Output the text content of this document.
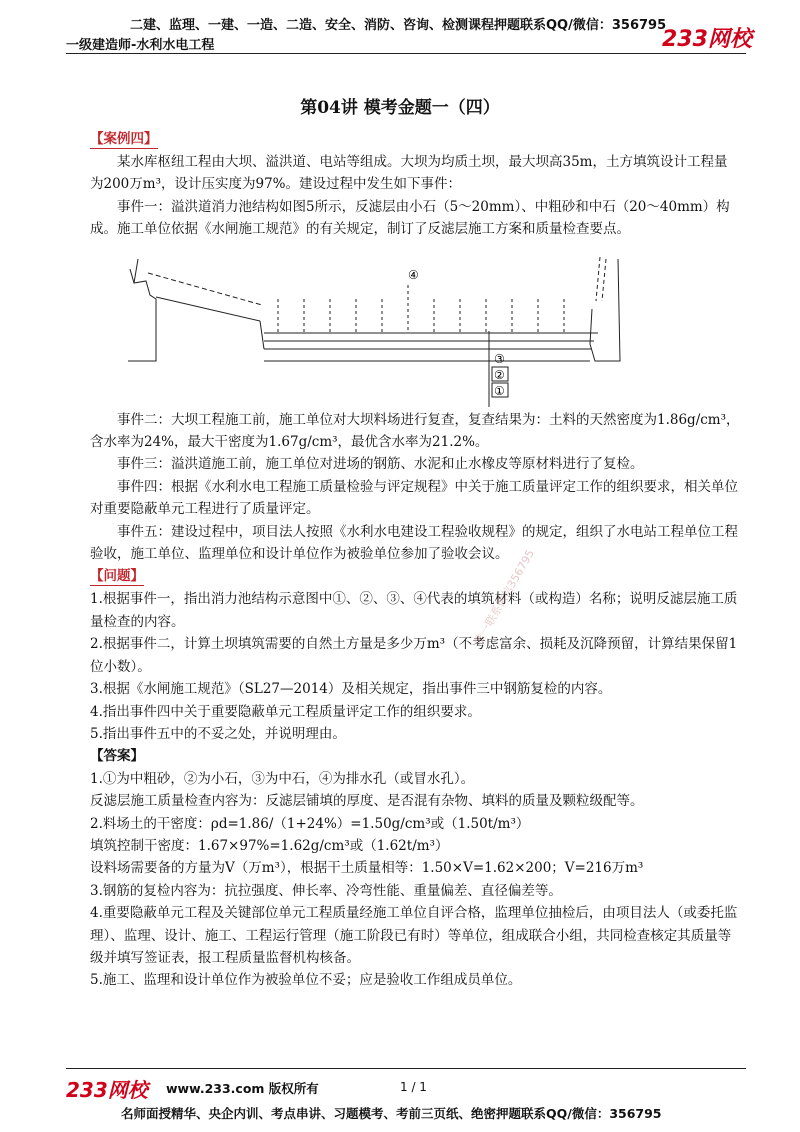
二建、监理、一建、一造、二造、安全、消防、咨询、检测课程押题联系QQ/微信：356795
一级建造师-水利水电工程	233网校
第04讲 模考金题一（四）
唯一联系微信356795
【案例四】

某水库枢纽工程由大坝、溢洪道、电站等组成。大坝为均质土坝，最大坝高35m，土方填筑设计工程量为200万m³，设计压实度为97%。建设过程中发生如下事件：

事件一：溢洪道消力池结构如图5所示，反滤层由小石（5～20mm）、中粗砂和中石（20～40mm）构成。施工单位依据《水闸施工规范》的有关规定，制订了反滤层施工方案和质量检查要点。

④
③
②
①

事件二：大坝工程施工前，施工单位对大坝料场进行复查，复查结果为：土料的天然密度为1.86g/cm³，含水率为24%，最大干密度为1.67g/cm³，最优含水率为21.2%。

事件三：溢洪道施工前，施工单位对进场的钢筋、水泥和止水橡皮等原材料进行了复检。

事件四：根据《水利水电工程施工质量检验与评定规程》中关于施工质量评定工作的组织要求，相关单位对重要隐蔽单元工程进行了质量评定。

事件五：建设过程中，项目法人按照《水利水电建设工程验收规程》的规定，组织了水电站工程单位工程验收，施工单位、监理单位和设计单位作为被验单位参加了验收会议。

【问题】

1.根据事件一，指出消力池结构示意图中①、②、③、④代表的填筑材料（或构造）名称；说明反滤层施工质量检查的内容。

2.根据事件二，计算土坝填筑需要的自然土方量是多少万m³（不考虑富余、损耗及沉降预留，计算结果保留1位小数）。

3.根据《水闸施工规范》（SL27—2014）及相关规定，指出事件三中钢筋复检的内容。

4.指出事件四中关于重要隐蔽单元工程质量评定工作的组织要求。

5.指出事件五中的不妥之处，并说明理由。

【答案】

1.①为中粗砂，②为小石，③为中石，④为排水孔（或冒水孔）。

反滤层施工质量检查内容为：反滤层铺填的厚度、是否混有杂物、填料的质量及颗粒级配等。

2.料场土的干密度：ρd=1.86/（1+24%）=1.50g/cm³或（1.50t/m³）

填筑控制干密度：1.67×97%=1.62g/cm³或（1.62t/m³）

设料场需要备的方量为V（万m³），根据干土质量相等：1.50×V=1.62×200；V=216万m³

3.钢筋的复检内容为：抗拉强度、伸长率、冷弯性能、重量偏差、直径偏差等。

4.重要隐蔽单元工程及关键部位单元工程质量经施工单位自评合格，监理单位抽检后，由项目法人（或委托监理）、监理、设计、施工、工程运行管理（施工阶段已有时）等单位，组成联合小组，共同检查核定其质量等级并填写签证表，报工程质量监督机构核备。

5.施工、监理和设计单位作为被验单位不妥；应是验收工作组成员单位。

233网校 www.233.com 版权所有	1 / 1
名师面授精华、央企内训、考点串讲、习题模考、考前三页纸、绝密押题联系QQ/微信：356795
